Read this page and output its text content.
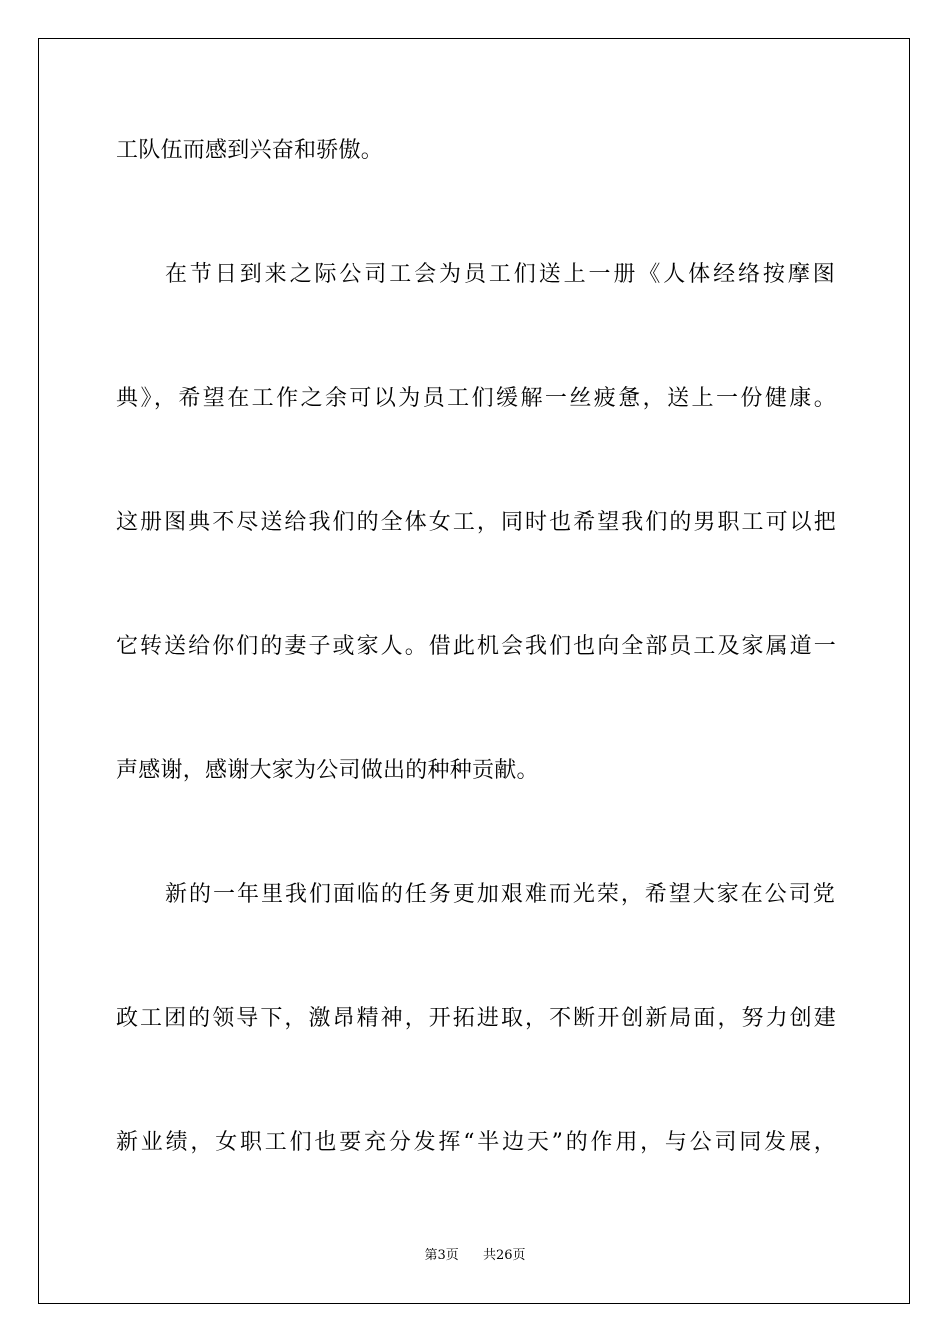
工队伍而感到兴奋和骄傲。
在节日到来之际公司工会为员工们送上一册《人体经络按摩图
典》，希望在工作之余可以为员工们缓解一丝疲惫，送上一份健康。
这册图典不尽送给我们的全体女工，同时也希望我们的男职工可以把
它转送给你们的妻子或家人。借此机会我们也向全部员工及家属道一
声感谢，感谢大家为公司做出的种种贡献。
新的一年里我们面临的任务更加艰难而光荣，希望大家在公司党
政工团的领导下，激昂精神，开拓进取，不断开创新局面，努力创建
新业绩，女职工们也要充分发挥“半边天”的作用，与公司同发展，
第3页 共26页
